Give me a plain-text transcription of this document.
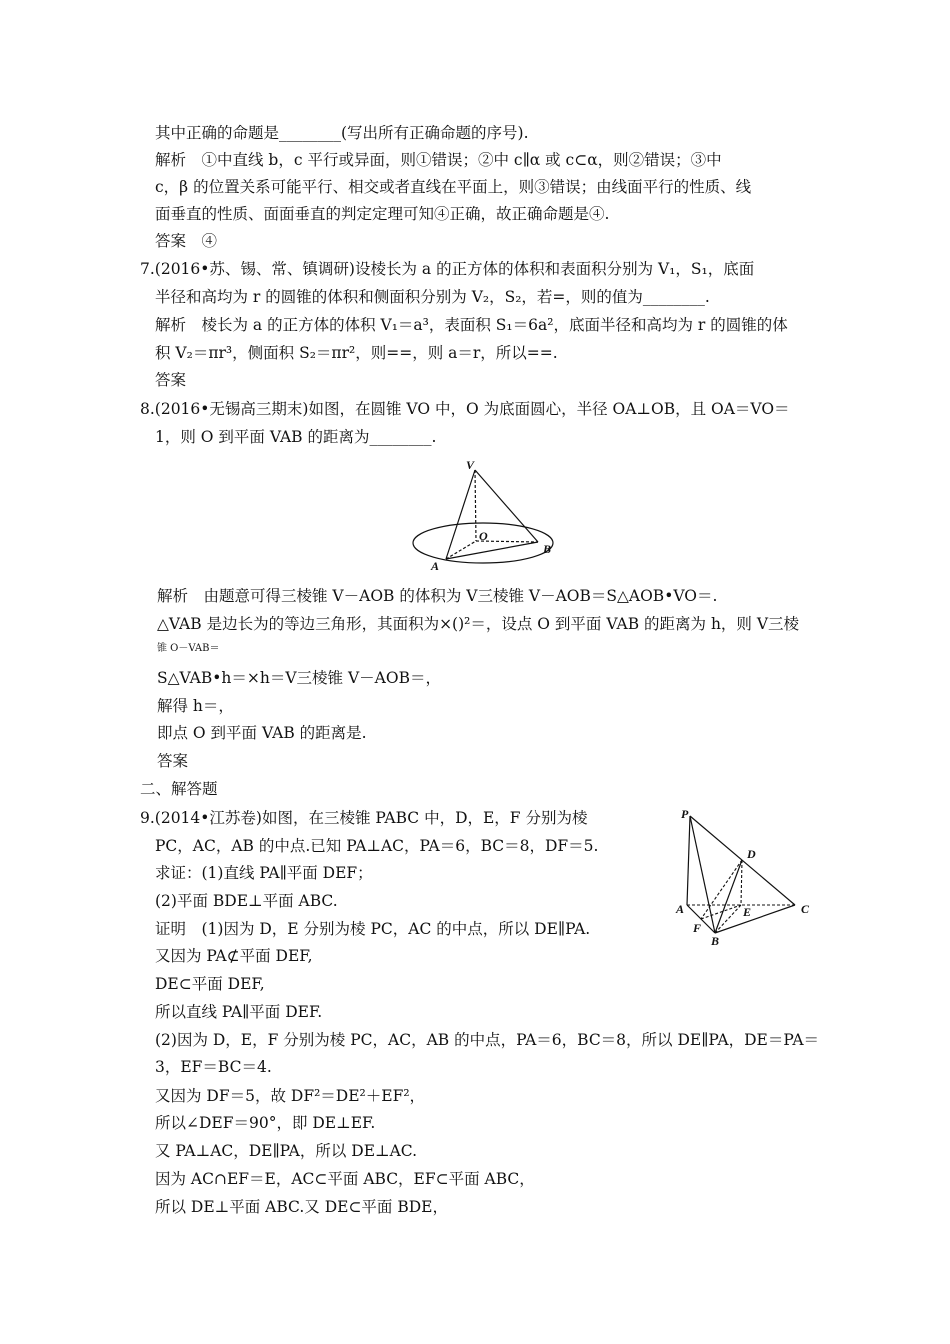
其中正确的命题是________(写出所有正确命题的序号).
解析　①中直线 b，c 平行或异面，则①错误；②中 c∥α 或 c⊂α，则②错误；③中
c，β 的位置关系可能平行、相交或者直线在平面上，则③错误；由线面平行的性质、线
面垂直的性质、面面垂直的判定定理可知④正确，故正确命题是④.
答案　④
7.(2016•苏、锡、常、镇调研)设棱长为 a 的正方体的体积和表面积分别为 V₁，S₁，底面
半径和高均为 r 的圆锥的体积和侧面积分别为 V₂，S₂，若=，则的值为________.
解析　棱长为 a 的正方体的体积 V₁＝a³，表面积 S₁＝6a²，底面半径和高均为 r 的圆锥的体
积 V₂＝πr³，侧面积 S₂＝πr²，则==，则 a＝r，所以==.
答案
8.(2016•无锡高三期末)如图，在圆锥 VO 中，O 为底面圆心，半径 OA⊥OB，且 OA＝VO＝
1，则 O 到平面 VAB 的距离为________.
V
O
A
B
解析　由题意可得三棱锥 V－AOB 的体积为 V三棱锥 V－AOB＝S△AOB•VO＝.
△VAB 是边长为的等边三角形，其面积为×()²＝，设点 O 到平面 VAB 的距离为 h，则 V三棱
锥 O－VAB＝
S△VAB•h＝×h＝V三棱锥 V－AOB＝，
解得 h＝，
即点 O 到平面 VAB 的距离是.
答案
二、解答题
9.(2014•江苏卷)如图，在三棱锥 PABC 中，D，E，F 分别为棱
PC，AC，AB 的中点.已知 PA⊥AC，PA＝6，BC＝8，DF＝5.
求证：(1)直线 PA∥平面 DEF；
(2)平面 BDE⊥平面 ABC.
证明　(1)因为 D，E 分别为棱 PC，AC 的中点，所以 DE∥PA.
又因为 PA⊄平面 DEF,
DE⊂平面 DEF,
所以直线 PA∥平面 DEF.
(2)因为 D，E，F 分别为棱 PC，AC，AB 的中点，PA＝6，BC＝8，所以 DE∥PA，DE＝PA＝
3，EF＝BC＝4.
又因为 DF＝5，故 DF²＝DE²＋EF²，
所以∠DEF＝90°，即 DE⊥EF.
又 PA⊥AC，DE∥PA，所以 DE⊥AC.
因为 AC∩EF＝E，AC⊂平面 ABC，EF⊂平面 ABC，
所以 DE⊥平面 ABC.又 DE⊂平面 BDE，
P
D
A	E	C
F
B
